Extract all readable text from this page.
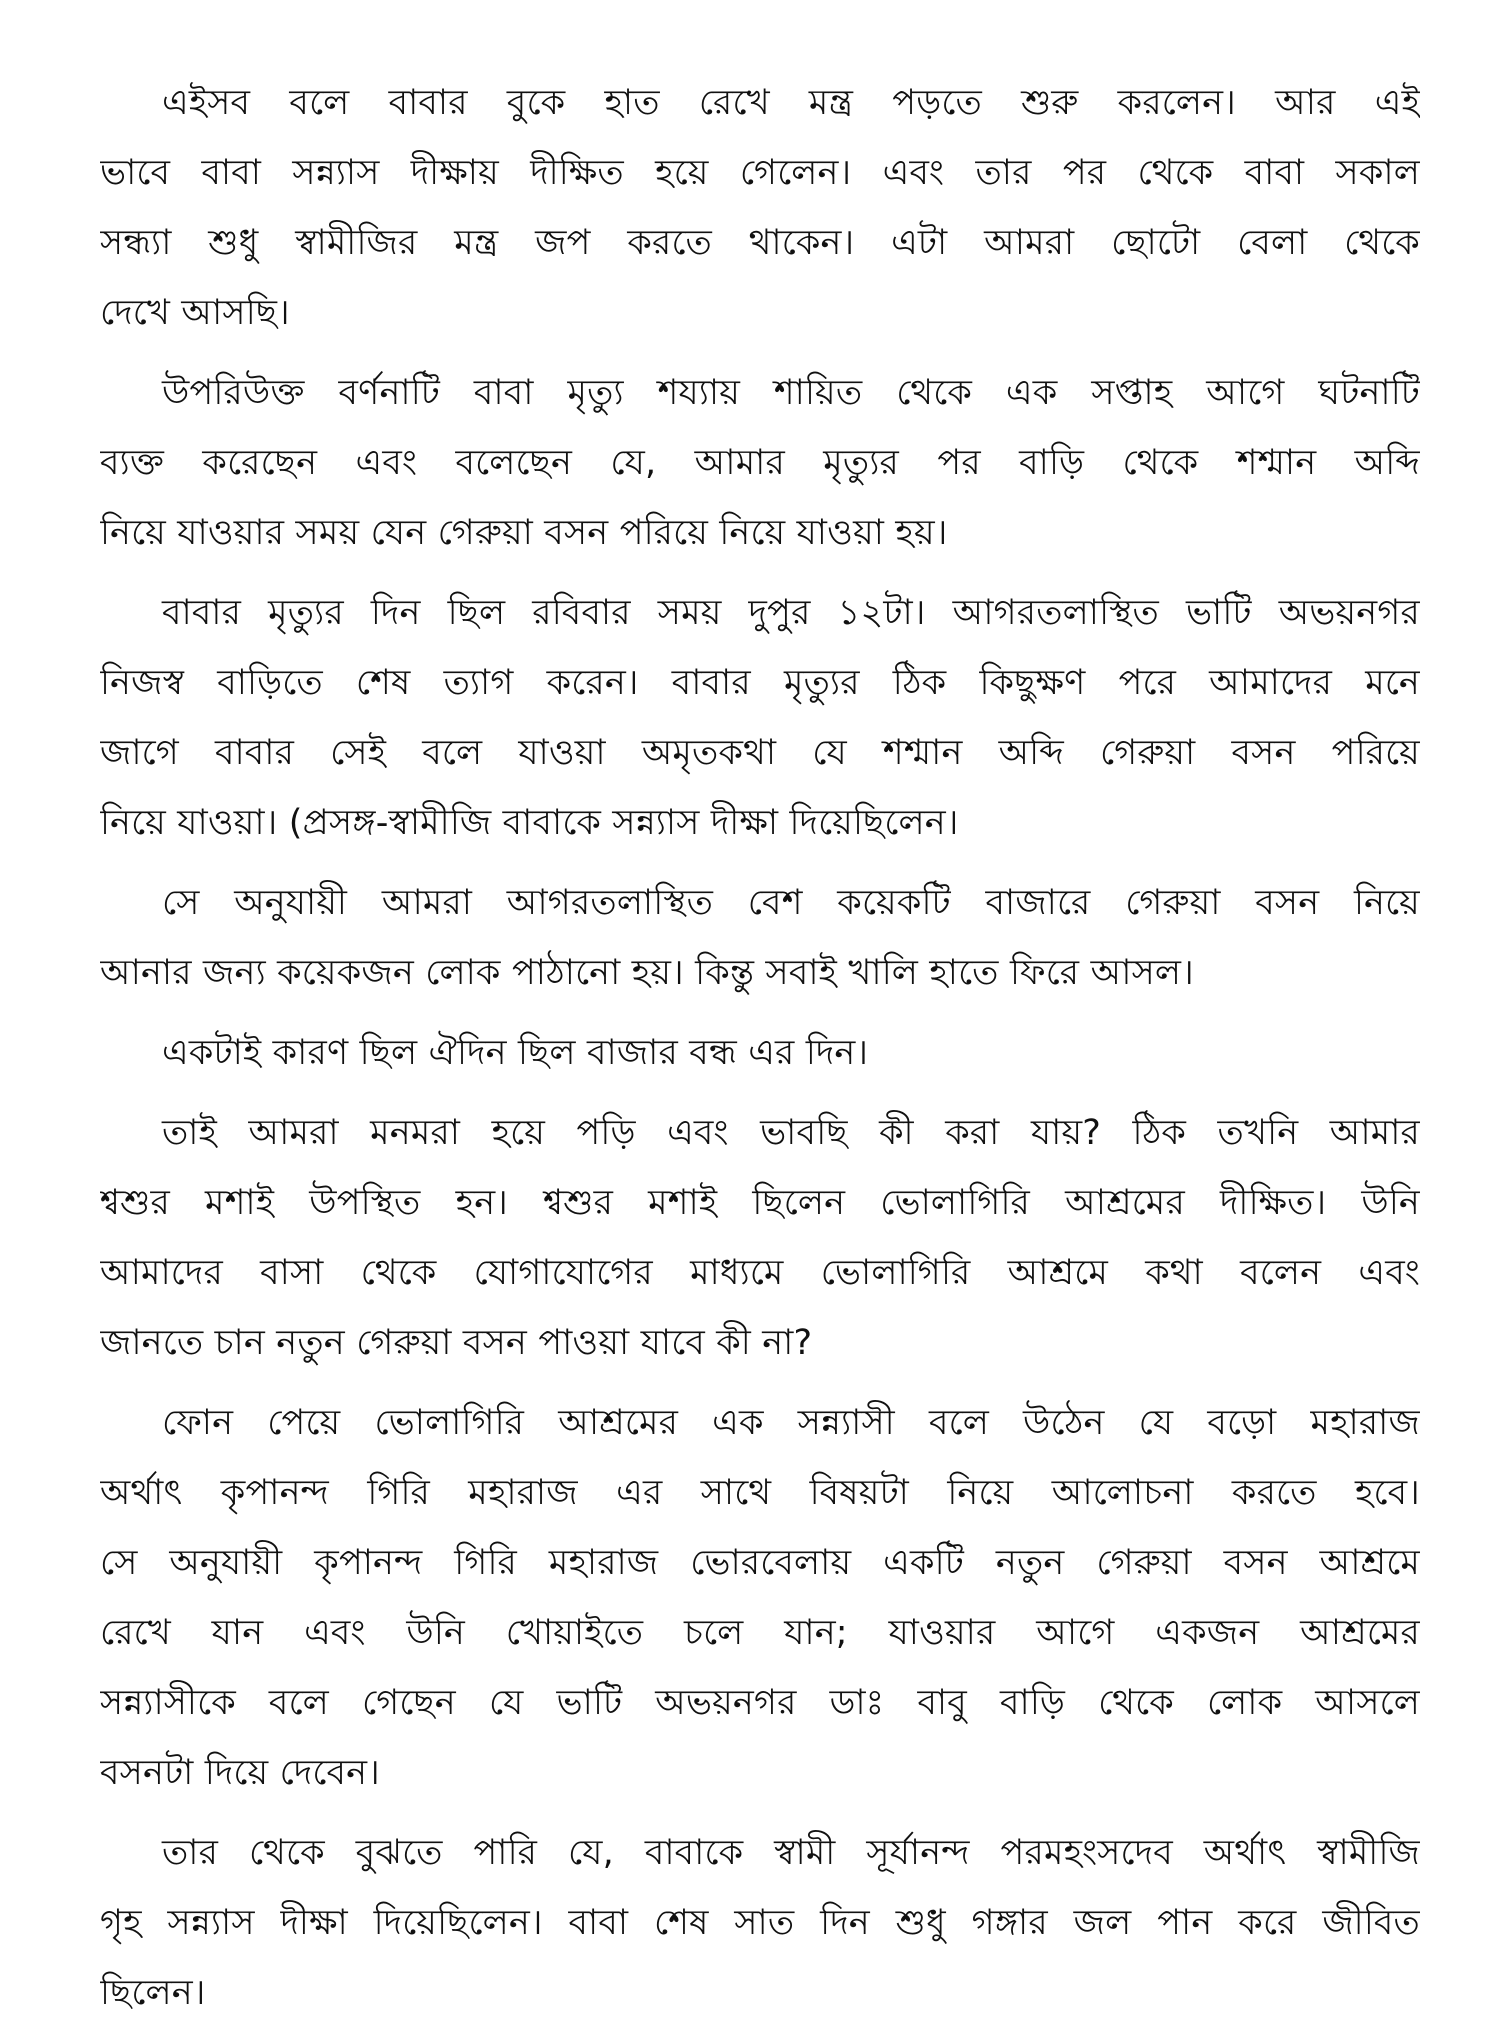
এইসব বলে বাবার বুকে হাত রেখে মন্ত্র পড়তে শুরু করলেন। আর এই
ভাবে বাবা সন্ন্যাস দীক্ষায় দীক্ষিত হয়ে গেলেন। এবং তার পর থেকে বাবা সকাল
সন্ধ্যা শুধু স্বামীজির মন্ত্র জপ করতে থাকেন। এটা আমরা ছোটো বেলা থেকে
দেখে আসছি।
উপরিউক্ত বর্ণনাটি বাবা মৃত্যু শয্যায় শায়িত থেকে এক সপ্তাহ আগে ঘটনাটি
ব্যক্ত করেছেন এবং বলেছেন যে, আমার মৃত্যুর পর বাড়ি থেকে শশ্মান অব্দি
নিয়ে যাওয়ার সময় যেন গেরুয়া বসন পরিয়ে নিয়ে যাওয়া হয়।
বাবার মৃত্যুর দিন ছিল রবিবার সময় দুপুর ১২টা। আগরতলাস্থিত ভাটি অভয়নগর
নিজস্ব বাড়িতে শেষ ত্যাগ করেন। বাবার মৃত্যুর ঠিক কিছুক্ষণ পরে আমাদের মনে
জাগে বাবার সেই বলে যাওয়া অমৃতকথা যে শশ্মান অব্দি গেরুয়া বসন পরিয়ে
নিয়ে যাওয়া। (প্রসঙ্গ-স্বামীজি বাবাকে সন্ন্যাস দীক্ষা দিয়েছিলেন।
সে অনুযায়ী আমরা আগরতলাস্থিত বেশ কয়েকটি বাজারে গেরুয়া বসন নিয়ে
আনার জন্য কয়েকজন লোক পাঠানো হয়। কিন্তু সবাই খালি হাতে ফিরে আসল।
একটাই কারণ ছিল ঐদিন ছিল বাজার বন্ধ এর দিন।
তাই আমরা মনমরা হয়ে পড়ি এবং ভাবছি কী করা যায়? ঠিক তখনি আমার
শ্বশুর মশাই উপস্থিত হন। শ্বশুর মশাই ছিলেন ভোলাগিরি আশ্রমের দীক্ষিত। উনি
আমাদের বাসা থেকে যোগাযোগের মাধ্যমে ভোলাগিরি আশ্রমে কথা বলেন এবং
জানতে চান নতুন গেরুয়া বসন পাওয়া যাবে কী না?
ফোন পেয়ে ভোলাগিরি আশ্রমের এক সন্ন্যাসী বলে উঠেন যে বড়ো মহারাজ
অর্থাৎ কৃপানন্দ গিরি মহারাজ এর সাথে বিষয়টা নিয়ে আলোচনা করতে হবে।
সে অনুযায়ী কৃপানন্দ গিরি মহারাজ ভোরবেলায় একটি নতুন গেরুয়া বসন আশ্রমে
রেখে যান এবং উনি খোয়াইতে চলে যান; যাওয়ার আগে একজন আশ্রমের
সন্ন্যাসীকে বলে গেছেন যে ভাটি অভয়নগর ডাঃ বাবু বাড়ি থেকে লোক আসলে
বসনটা দিয়ে দেবেন।
তার থেকে বুঝতে পারি যে, বাবাকে স্বামী সূর্যানন্দ পরমহংসদেব অর্থাৎ স্বামীজি
গৃহ সন্ন্যাস দীক্ষা দিয়েছিলেন। বাবা শেষ সাত দিন শুধু গঙ্গার জল পান করে জীবিত
ছিলেন।
